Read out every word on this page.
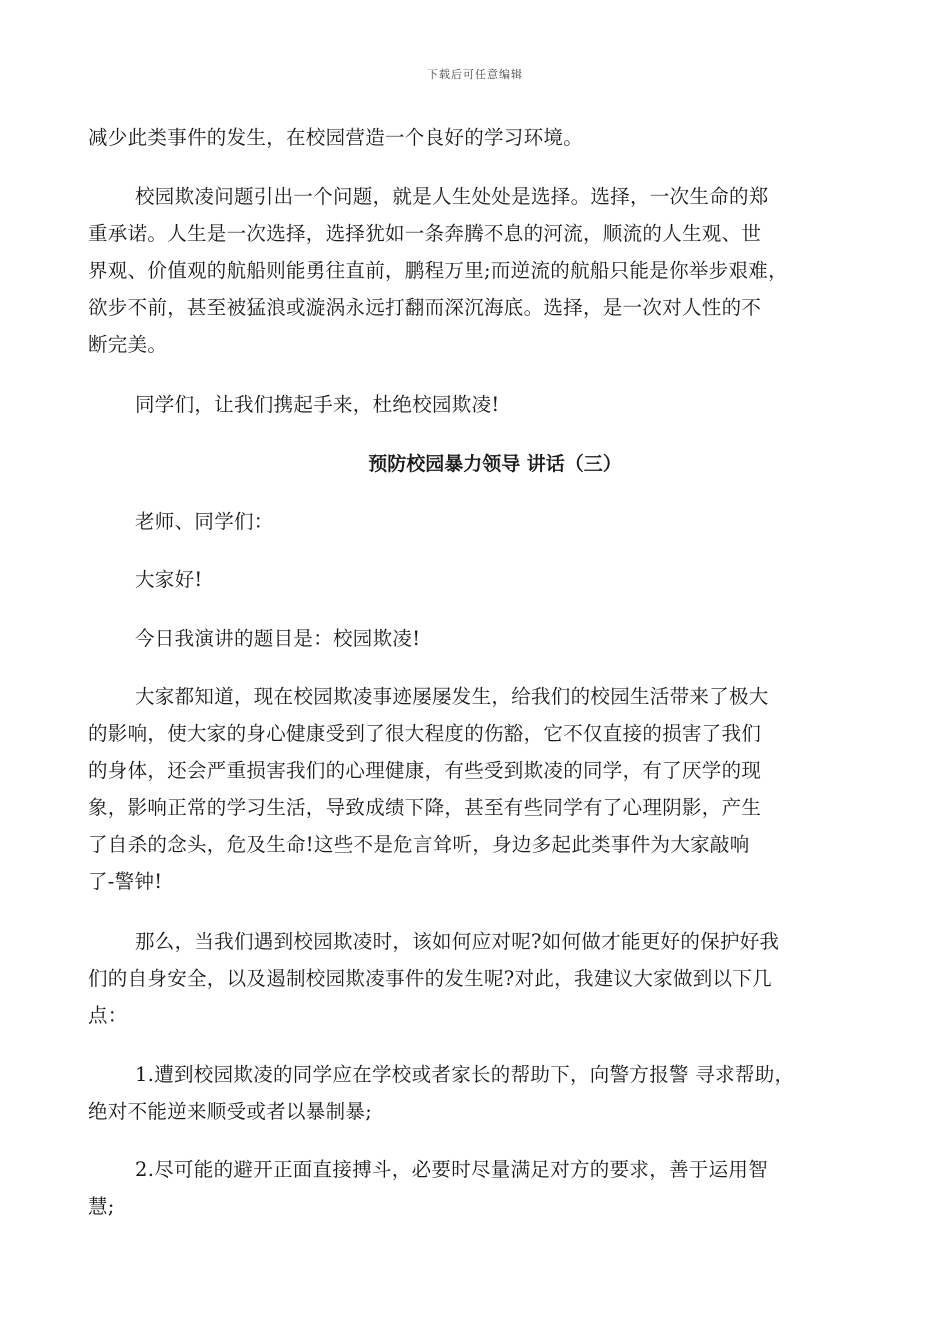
下载后可任意编辑
减少此类事件的发生，在校园营造一个良好的学习环境。
校园欺凌问题引出一个问题，就是人生处处是选择。选择，一次生命的郑
重承诺。人生是一次选择，选择犹如一条奔腾不息的河流，顺流的人生观、世
界观、价值观的航船则能勇往直前，鹏程万里;而逆流的航船只能是你举步艰难，
欲步不前，甚至被猛浪或漩涡永远打翻而深沉海底。选择，是一次对人性的不
断完美。
同学们，让我们携起手来，杜绝校园欺凌!
预防校园暴力领导 讲话（三）
老师、同学们：
大家好!
今日我演讲的题目是：校园欺凌!
大家都知道，现在校园欺凌事迹屡屡发生，给我们的校园生活带来了极大
的影响，使大家的身心健康受到了很大程度的伤豁，它不仅直接的损害了我们
的身体，还会严重损害我们的心理健康，有些受到欺凌的同学，有了厌学的现
象，影响正常的学习生活，导致成绩下降，甚至有些同学有了心理阴影，产生
了自杀的念头，危及生命!这些不是危言耸听，身边多起此类事件为大家敲响
了-警钟!
那么，当我们遇到校园欺凌时，该如何应对呢?如何做才能更好的保护好我
们的自身安全，以及遏制校园欺凌事件的发生呢?对此，我建议大家做到以下几
点：
1.遭到校园欺凌的同学应在学校或者家长的帮助下，向警方报警 寻求帮助，
绝对不能逆来顺受或者以暴制暴;
2.尽可能的避开正面直接搏斗，必要时尽量满足对方的要求，善于运用智
慧;
